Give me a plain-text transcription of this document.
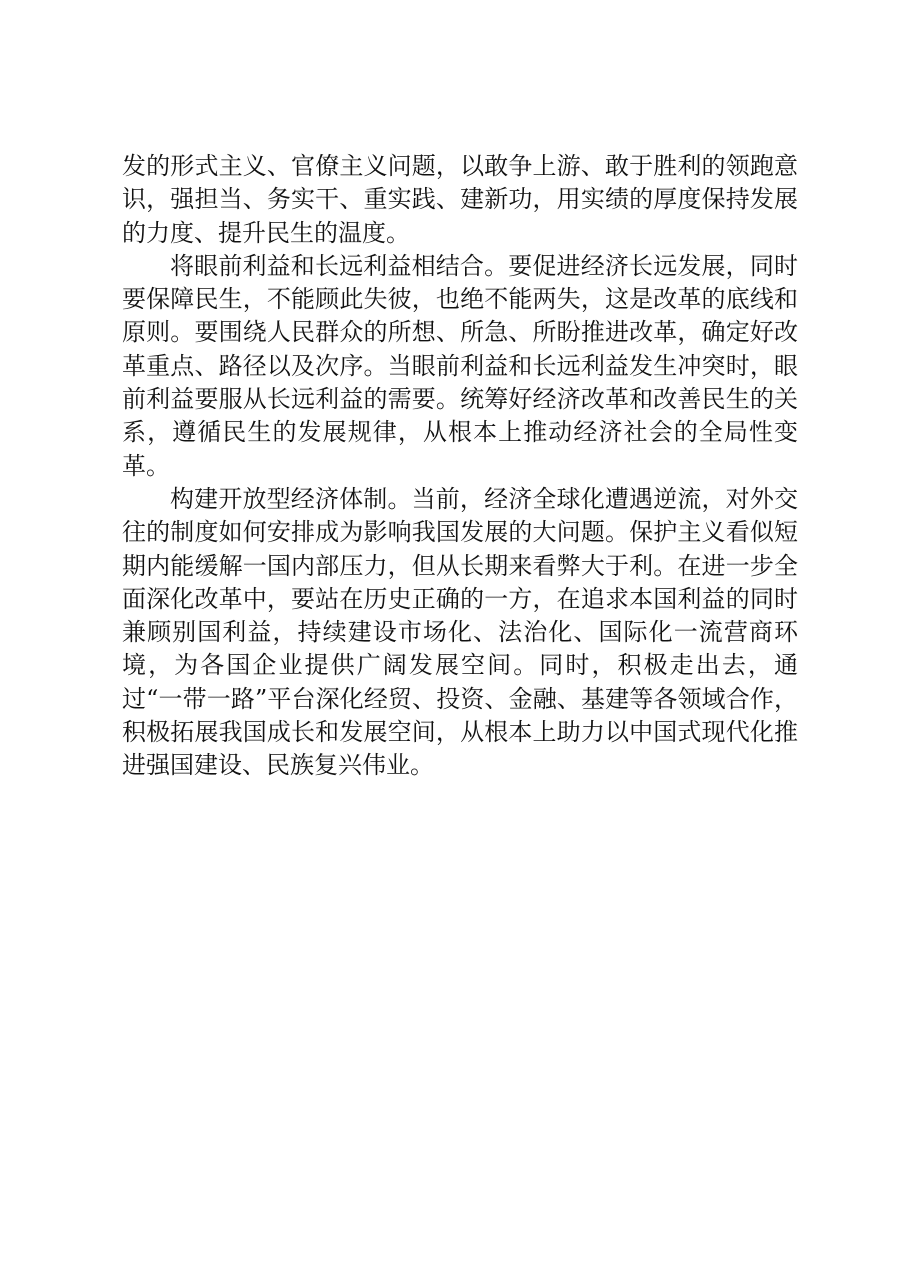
发的形式主义、官僚主义问题，以敢争上游、敢于胜利的领跑意识，强担当、务实干、重实践、建新功，用实绩的厚度保持发展的力度、提升民生的温度。

将眼前利益和长远利益相结合。要促进经济长远发展，同时要保障民生，不能顾此失彼，也绝不能两失，这是改革的底线和原则。要围绕人民群众的所想、所急、所盼推进改革，确定好改革重点、路径以及次序。当眼前利益和长远利益发生冲突时，眼前利益要服从长远利益的需要。统筹好经济改革和改善民生的关系，遵循民生的发展规律，从根本上推动经济社会的全局性变革。

构建开放型经济体制。当前，经济全球化遭遇逆流，对外交往的制度如何安排成为影响我国发展的大问题。保护主义看似短期内能缓解一国内部压力，但从长期来看弊大于利。在进一步全面深化改革中，要站在历史正确的一方，在追求本国利益的同时兼顾别国利益，持续建设市场化、法治化、国际化一流营商环境，为各国企业提供广阔发展空间。同时，积极走出去，通过“一带一路”平台深化经贸、投资、金融、基建等各领域合作，积极拓展我国成长和发展空间，从根本上助力以中国式现代化推进强国建设、民族复兴伟业。
